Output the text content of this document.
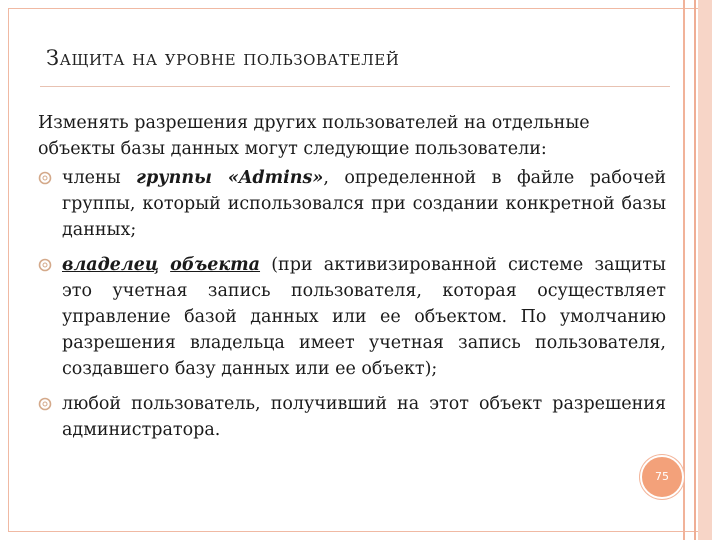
Защита на уровне пользователей

Изменять разрешения других пользователей на отдельные объекты базы данных могут следующие пользователи:

члены группы «Admins», определенной в файле рабочей группы, который использовался при создании конкретной базы данных;
владелец объекта (при активизированной системе защиты это учетная запись пользователя, которая осуществляет управление базой данных или ее объектом. По умолчанию разрешения владельца имеет учетная запись пользователя, создавшего базу данных или ее объект);
любой пользователь, получивший на этот объект разрешения администратора.
75
